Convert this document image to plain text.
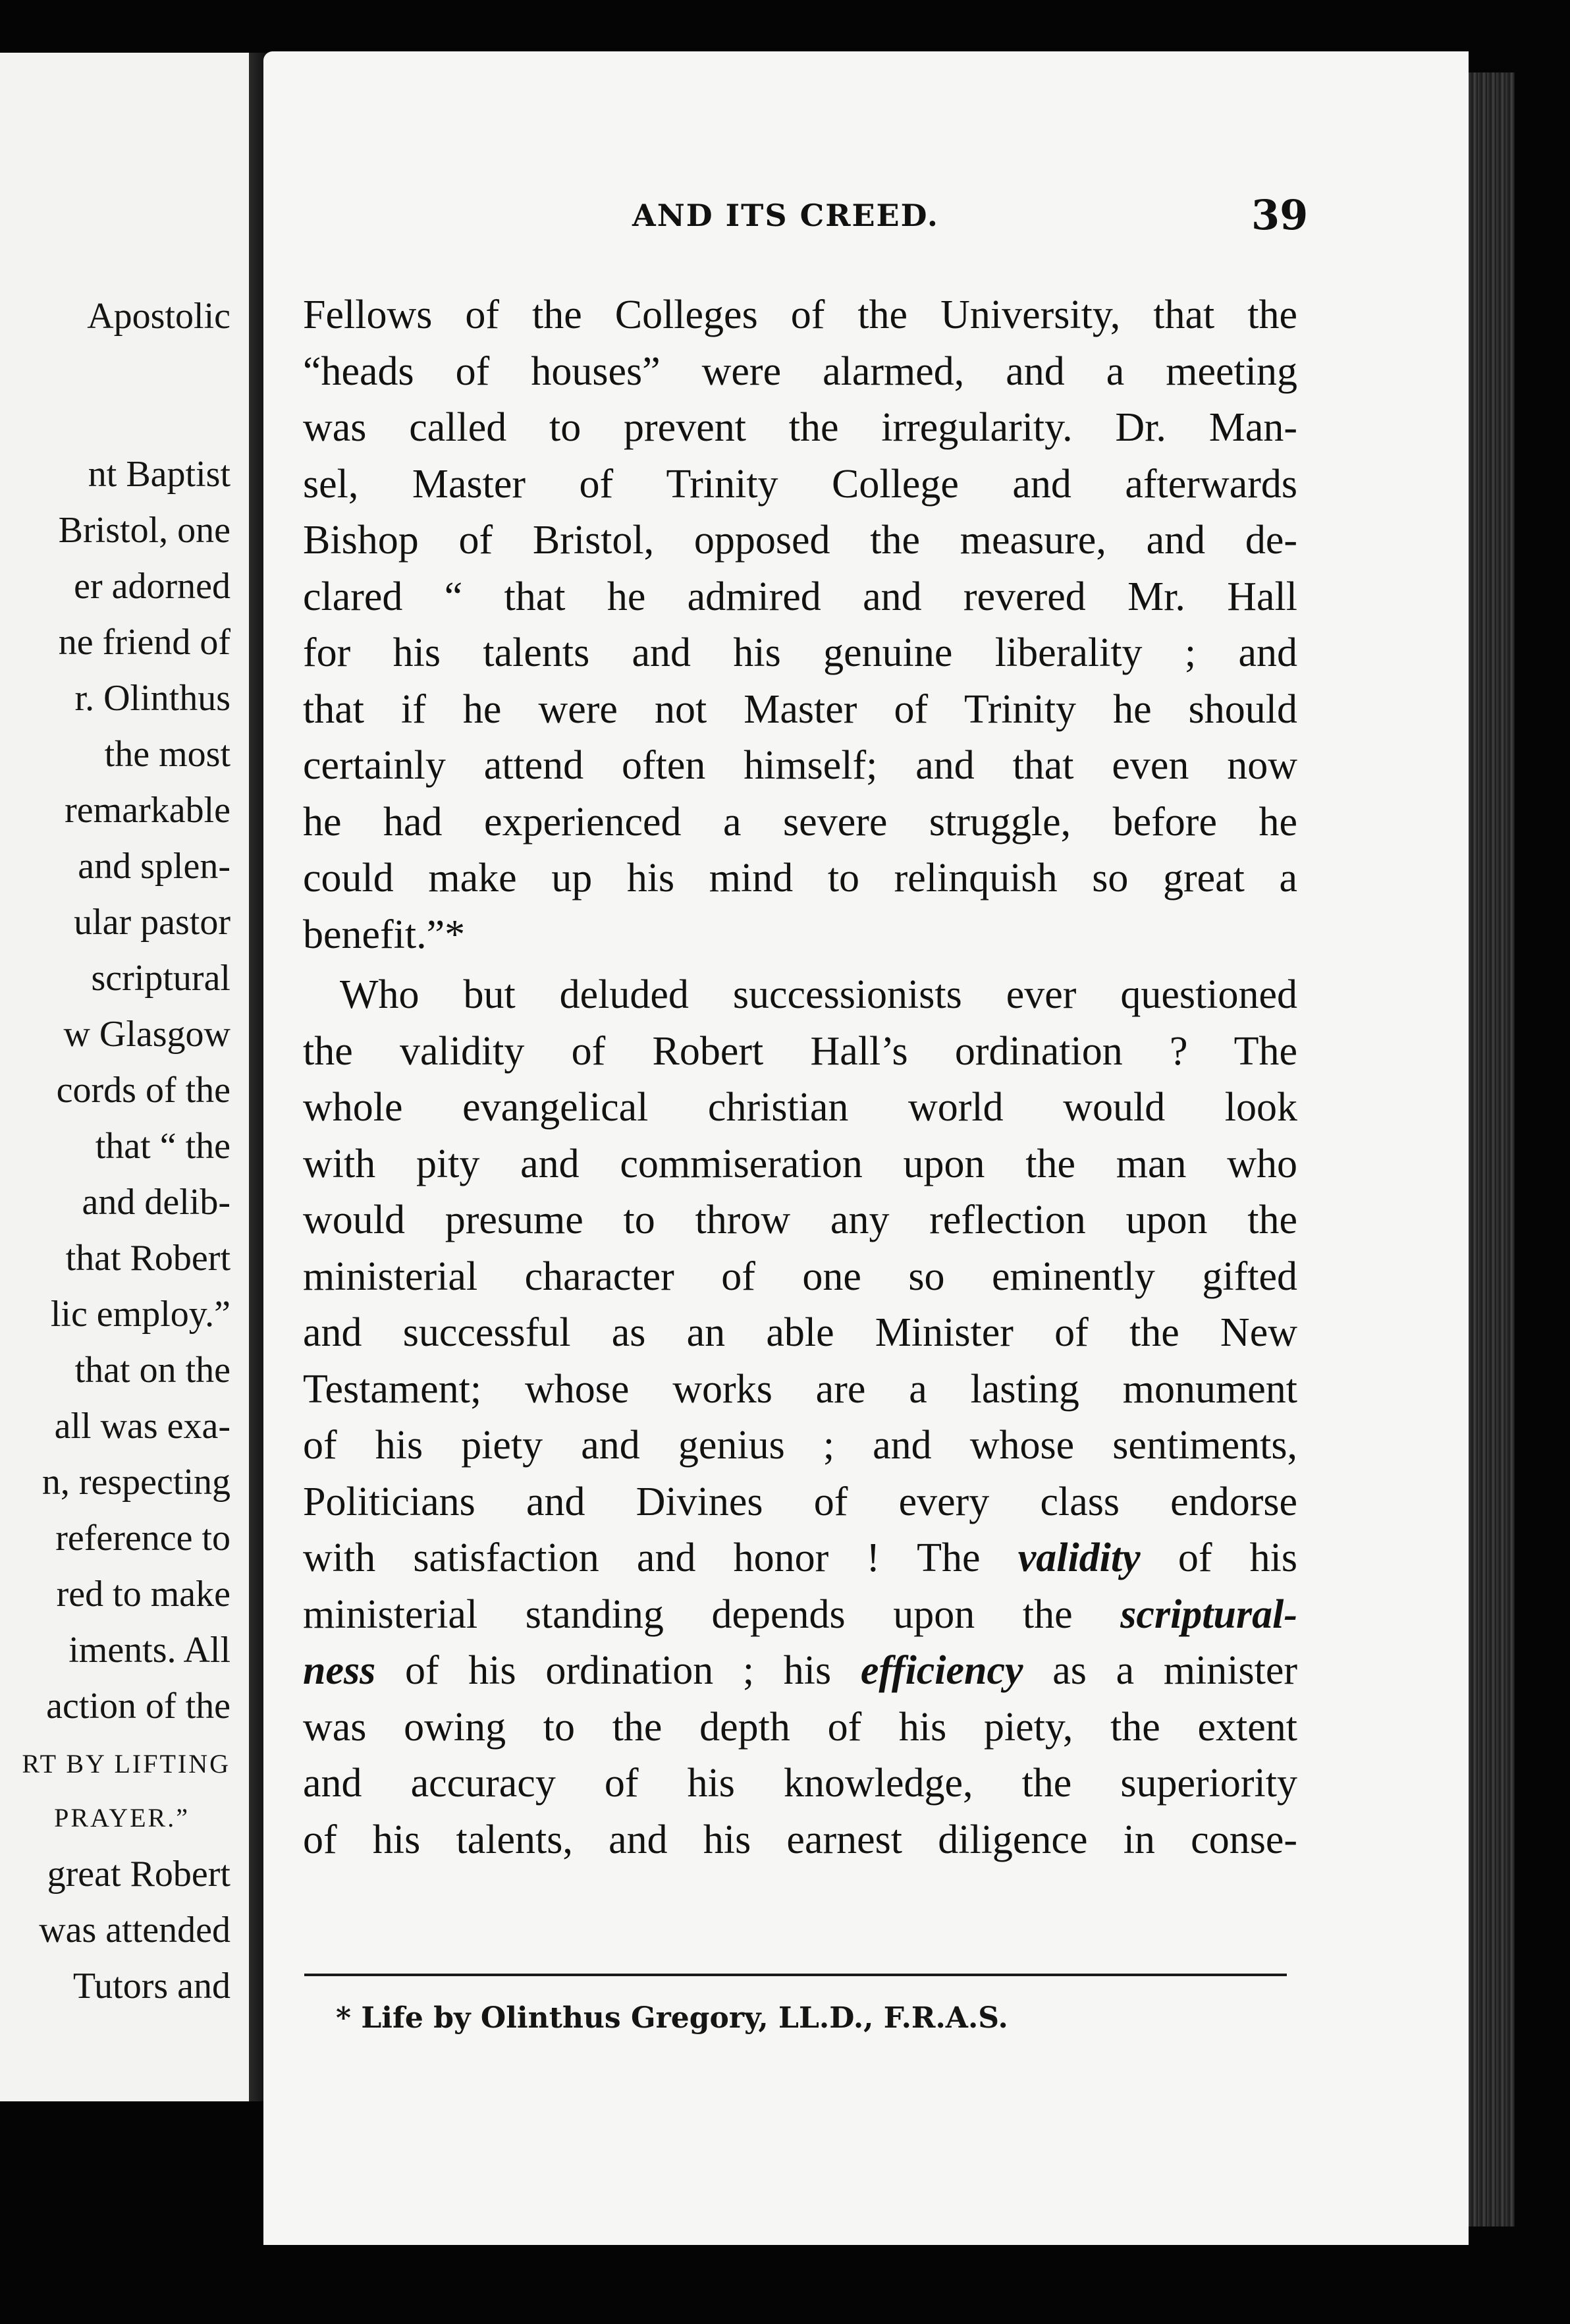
Apostolic
nt Baptist
Bristol, one
er adorned
ne friend of
r. Olinthus
the most
remarkable
and splen-
ular pastor
scriptural
w Glasgow
cords of the
that “ the
and delib-
that Robert
lic employ.”
that on the
all was exa-
n, respecting
reference to
red to make
iments. All
action of the
RT BY LIFTING
PRAYER.”
great Robert
was attended
Tutors and
AND ITS CREED.	39
Fellows of the Colleges of the University, that the
“heads of houses” were alarmed, and a meeting
was called to prevent the irregularity. Dr. Man-
sel, Master of Trinity College and afterwards
Bishop of Bristol, opposed the measure, and de-
clared “ that he admired and revered Mr. Hall
for his talents and his genuine liberality ; and
that if he were not Master of Trinity he should
certainly attend often himself; and that even now
he had experienced a severe struggle, before he
could make up his mind to relinquish so great a
benefit.”*
Who but deluded successionists ever questioned
the validity of Robert Hall’s ordination ? The
whole evangelical christian world would look
with pity and commiseration upon the man who
would presume to throw any reflection upon the
ministerial character of one so eminently gifted
and successful as an able Minister of the New
Testament; whose works are a lasting monument
of his piety and genius ; and whose sentiments,
Politicians and Divines of every class endorse
with satisfaction and honor ! The validity of his
ministerial standing depends upon the scriptural-
ness of his ordination ; his efficiency as a minister
was owing to the depth of his piety, the extent
and accuracy of his knowledge, the superiority
of his talents, and his earnest diligence in conse-
* Life by Olinthus Gregory, LL.D., F.R.A.S.
